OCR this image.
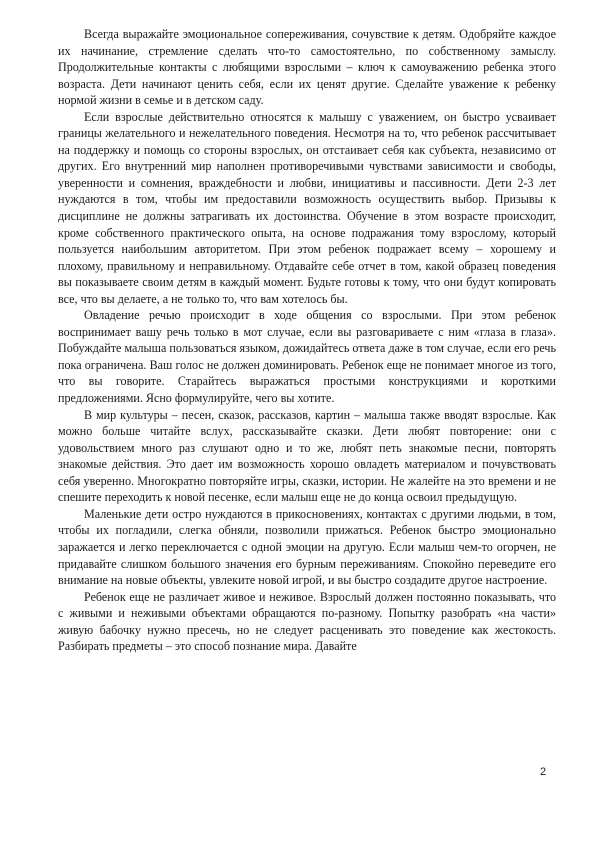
Всегда выражайте эмоциональное сопереживания, сочувствие к детям. Одобряйте каждое их начинание, стремление сделать что-то самостоятельно, по собственному замыслу. Продолжительные контакты с любящими взрослыми – ключ к самоуважению ребенка этого возраста. Дети начинают ценить себя, если их ценят другие. Сделайте уважение к ребенку нормой жизни в семье и в детском саду.

Если взрослые действительно относятся к малышу с уважением, он быстро усваивает границы желательного и нежелательного поведения. Несмотря на то, что ребенок рассчитывает на поддержку и помощь со стороны взрослых, он отстаивает себя как субъекта, независимо от других. Его внутренний мир наполнен противоречивыми чувствами зависимости и свободы, уверенности и сомнения, враждебности и любви, инициативы и пассивности. Дети 2-3 лет нуждаются в том, чтобы им предоставили возможность осуществить выбор. Призывы к дисциплине не должны затрагивать их достоинства. Обучение в этом возрасте происходит, кроме собственного практического опыта, на основе подражания тому взрослому, который пользуется наибольшим авторитетом. При этом ребенок подражает всему – хорошему и плохому, правильному и неправильному. Отдавайте себе отчет в том, какой образец поведения вы показываете своим детям в каждый момент. Будьте готовы к тому, что они будут копировать все, что вы делаете, а не только то, что вам хотелось бы.

Овладение речью происходит в ходе общения со взрослыми. При этом ребенок воспринимает вашу речь только в мот случае, если вы разговариваете с ним «глаза в глаза». Побуждайте малыша пользоваться языком, дожидайтесь ответа даже в том случае, если его речь пока ограничена. Ваш голос не должен доминировать. Ребенок еще не понимает многое из того, что вы говорите. Старайтесь выражаться простыми конструкциями и короткими предложениями. Ясно формулируйте, чего вы хотите.

В мир культуры – песен, сказок, рассказов, картин – малыша также вводят взрослые. Как можно больше читайте вслух, рассказывайте сказки. Дети любят повторение: они с удовольствием много раз слушают одно и то же, любят петь знакомые песни, повторять знакомые действия. Это дает им возможность хорошо овладеть материалом и почувствовать себя уверенно. Многократно повторяйте игры, сказки, истории. Не жалейте на это времени и не спешите переходить к новой песенке, если малыш еще не до конца освоил предыдущую.

Маленькие дети остро нуждаются в прикосновениях, контактах с другими людьми, в том, чтобы их погладили, слегка обняли, позволили прижаться. Ребенок быстро эмоционально заражается и легко переключается с одной эмоции на другую. Если малыш чем-то огорчен, не придавайте слишком большого значения его бурным переживаниям. Спокойно переведите его внимание на новые объекты, увлеките новой игрой, и вы быстро создадите другое настроение.

Ребенок еще не различает живое и неживое. Взрослый должен постоянно показывать, что с живыми и неживыми объектами обращаются по-разному. Попытку разобрать «на части» живую бабочку нужно пресечь, но не следует расценивать это поведение как жестокость. Разбирать предметы – это способ познание мира. Давайте

2
